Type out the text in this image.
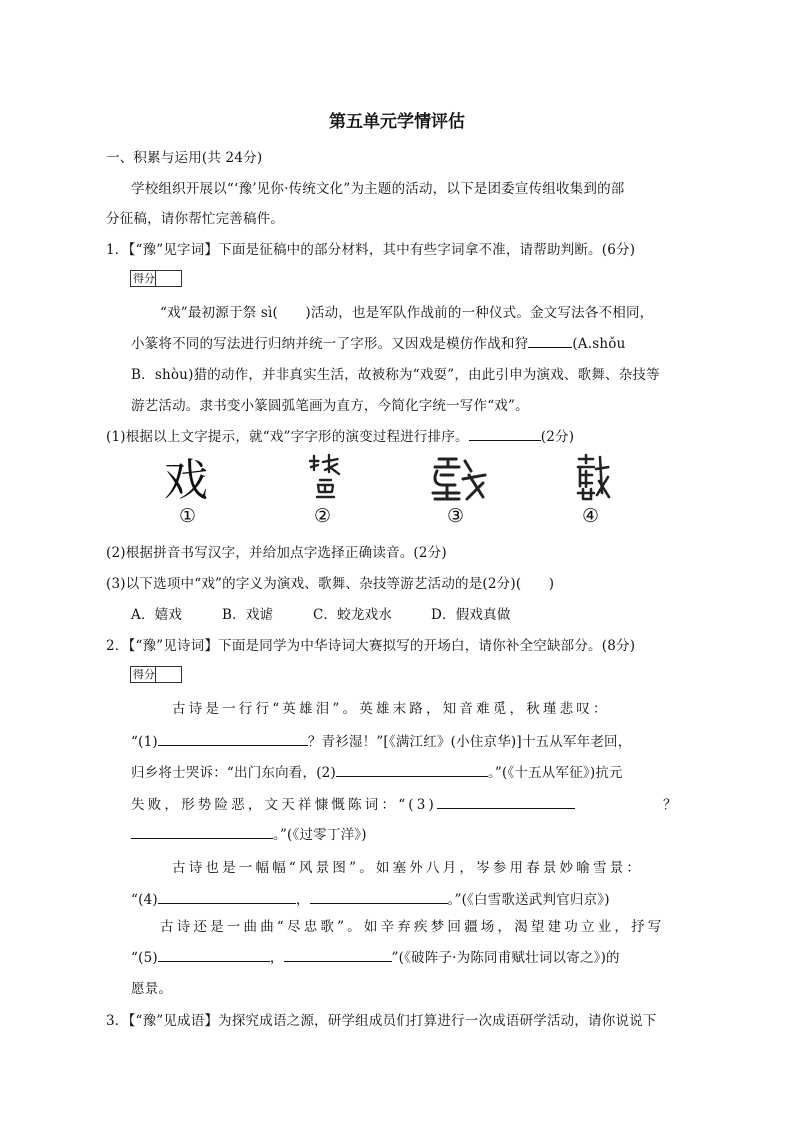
第五单元学情评估
一、积累与运用(共 24分)
学校组织开展以“‘豫’见你·传统文化”为主题的活动，以下是团委宣传组收集到的部
分征稿，请你帮忙完善稿件。
1．【“豫”见字词】下面是征稿中的部分材料，其中有些字词拿不准，请帮助判断。(6分)
得分
“戏”最初源于祭 sì(　　)活动，也是军队作战前的一种仪式。金文写法各不相同，
小篆将不同的写法进行归纳并统一了字形。又因戏是模仿作战和狩	(A.shǒu
B．shòu)猎的动作，并非真实生活，故被称为“戏耍”，由此引申为演戏、歌舞、杂技等
游艺活动。隶书变小篆圆弧笔画为直方，今简化字统一写作“戏”。
(1)根据以上文字提示，就“戏”字字形的演变过程进行排序。	(2分)
戏
①	②	③	④
(2)根据拼音书写汉字，并给加点字选择正确读音。(2分)
(3)以下选项中“戏”的字义为演戏、歌舞、杂技等游艺活动的是(2分)(　　)
A．嬉戏	B．戏谑	C．蛟龙戏水	D．假戏真做
2．【“豫”见诗词】下面是同学为中华诗词大赛拟写的开场白，请你补全空缺部分。(8分)
得分
古诗是一行行“英雄泪”。英雄末路，知音难觅，秋瑾悲叹：
“(1)	？青衫湿！”[《满江红》(小住京华)]十五从军年老回，
归乡将士哭诉：“出门东向看，(2)	。”(《十五从军征》)抗元
失败，形势险恶，文天祥慷慨陈词：“(3)	？
。”(《过零丁洋》)
古诗也是一幅幅“风景图”。如塞外八月，岑参用春景妙喻雪景：
“(4)	，	。”(《白雪歌送武判官归京》)
古诗还是一曲曲“尽忠歌”。如辛弃疾梦回疆场，渴望建功立业，抒写
“(5)	，	”(《破阵子·为陈同甫赋壮词以寄之》)的
愿景。
3．【“豫”见成语】为探究成语之源，研学组成员们打算进行一次成语研学活动，请你说说下
